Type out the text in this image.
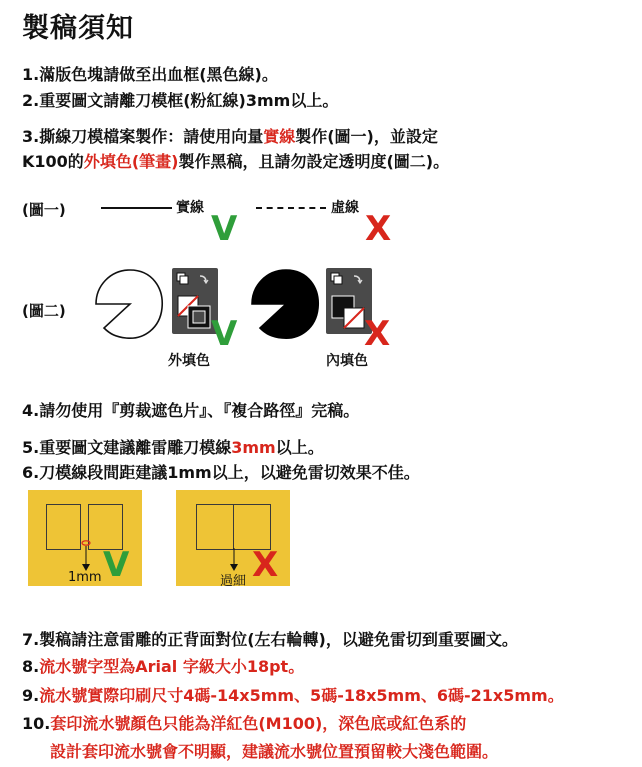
製稿須知
1.滿版色塊請做至出血框(黑色線)。
2.重要圖文請離刀模框(粉紅線)3mm以上。
3.撕線刀模檔案製作：請使用向量實線製作(圖一)，並設定
K100的外填色(筆畫)製作黑稿，且請勿設定透明度(圖二)。
(圖一)	實線	虛線
V	X
(圖二)
V
外填色
X
內填色
4.請勿使用『剪裁遮色片』、『複合路徑』完稿。
5.重要圖文建議離雷雕刀模線3mm以上。
6.刀模線段間距建議1mm以上，以避免雷切效果不佳。
1mm V	過細 X
7.製稿請注意雷雕的正背面對位(左右輪轉)，以避免雷切到重要圖文。
8.流水號字型為Arial 字級大小18pt。
9.流水號實際印刷尺寸4碼-14x5mm、5碼-18x5mm、6碼-21x5mm。
10.套印流水號顏色只能為洋紅色(M100)，深色底或紅色系的
設計套印流水號會不明顯，建議流水號位置預留較大淺色範圍。
